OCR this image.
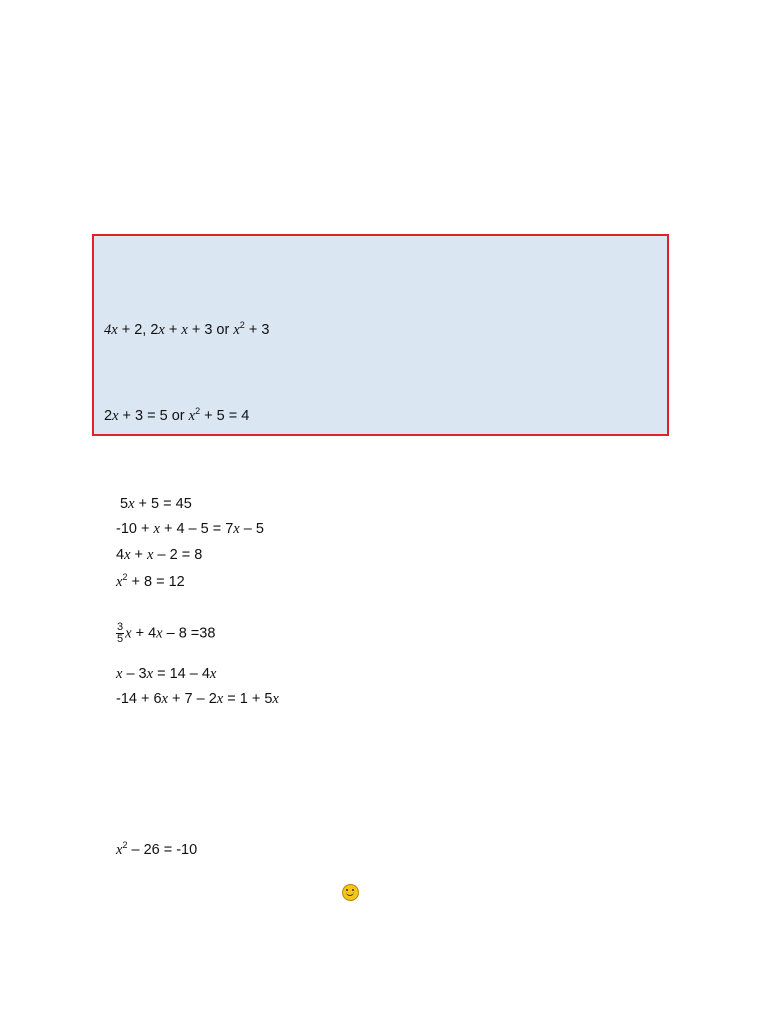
4x + 2, 2x + x + 3 or $x^2 + 3$

2x + 3 = 5 or $x^2 + 5 = 4$

5x + 5 = 45
-10 + x + 4 – 5 = 7x – 5
4x + x – 2 = 8
$x^2 + 8 = 12$
$\frac{3}{5}$ x + 4x – 8 =38
x – 3x = 14 – 4x
-14 + 6x + 7 – 2x = 1 + 5x
$x^2 - 26 = -10$
